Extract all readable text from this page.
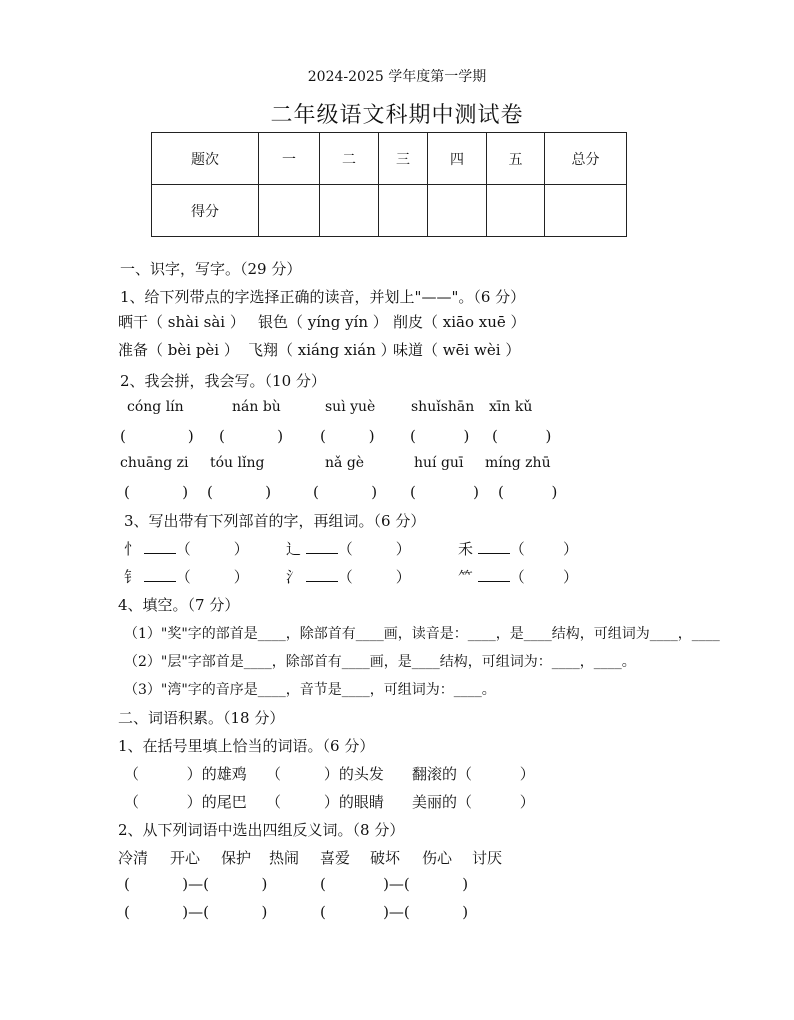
2024-2025 学年度第一学期
二年级语文科期中测试卷
题次	一	二	三	四	五	总分
得分						
一、识字，写字。（29 分）
1、给下列带点的字选择正确的读音，并划上"——"。（6 分）
晒干（ shài sài ） 银色（ yíng yín ） 削皮（ xiāo xuē ）
准备（ bèi pèi ） 飞翔（ xiáng xián ）
味道（ wēi wèi ）
2、我会拼，我会写。（10 分）
cóng lín	nán bù	suì yuè	shuǐshān xīn kǔ
(             ) (           ) (         ) (          ) (          )
chuāng zi tóu lǐng	nǎ gè	huí guī míng zhū
(           ) (           )	(           ) (            ) (          )
3、写出带有下列部首的字，再组词。（6 分）
忄 （         ） 辶 （         ）	禾 （        ）
钅 （         ） 氵 （         ）	⺮ （        ）
4、填空。（7 分）
（1）"奖"字的部首是____，除部首有____画，读音是：____，是____结构，可组词为____，____
（2）"层"字部首是____，除部首有____画，是____结构，可组词为：____，____。
（3）"湾"字的音序是____，音节是____，可组词为：____。
二、词语积累。（18 分）
1、在括号里填上恰当的词语。（6 分）
（          ）的雄鸡 （         ）的头发 翻滚的（          ）
（          ）的尾巴 （         ）的眼睛 美丽的（          ）
2、从下列词语中选出四组反义词。（8 分）
冷清 开心 保护 热闹 喜爱 破坏 伤心 讨厌
(           )—(           )	(            )—(           )
(           )—(           )	(            )—(           )
